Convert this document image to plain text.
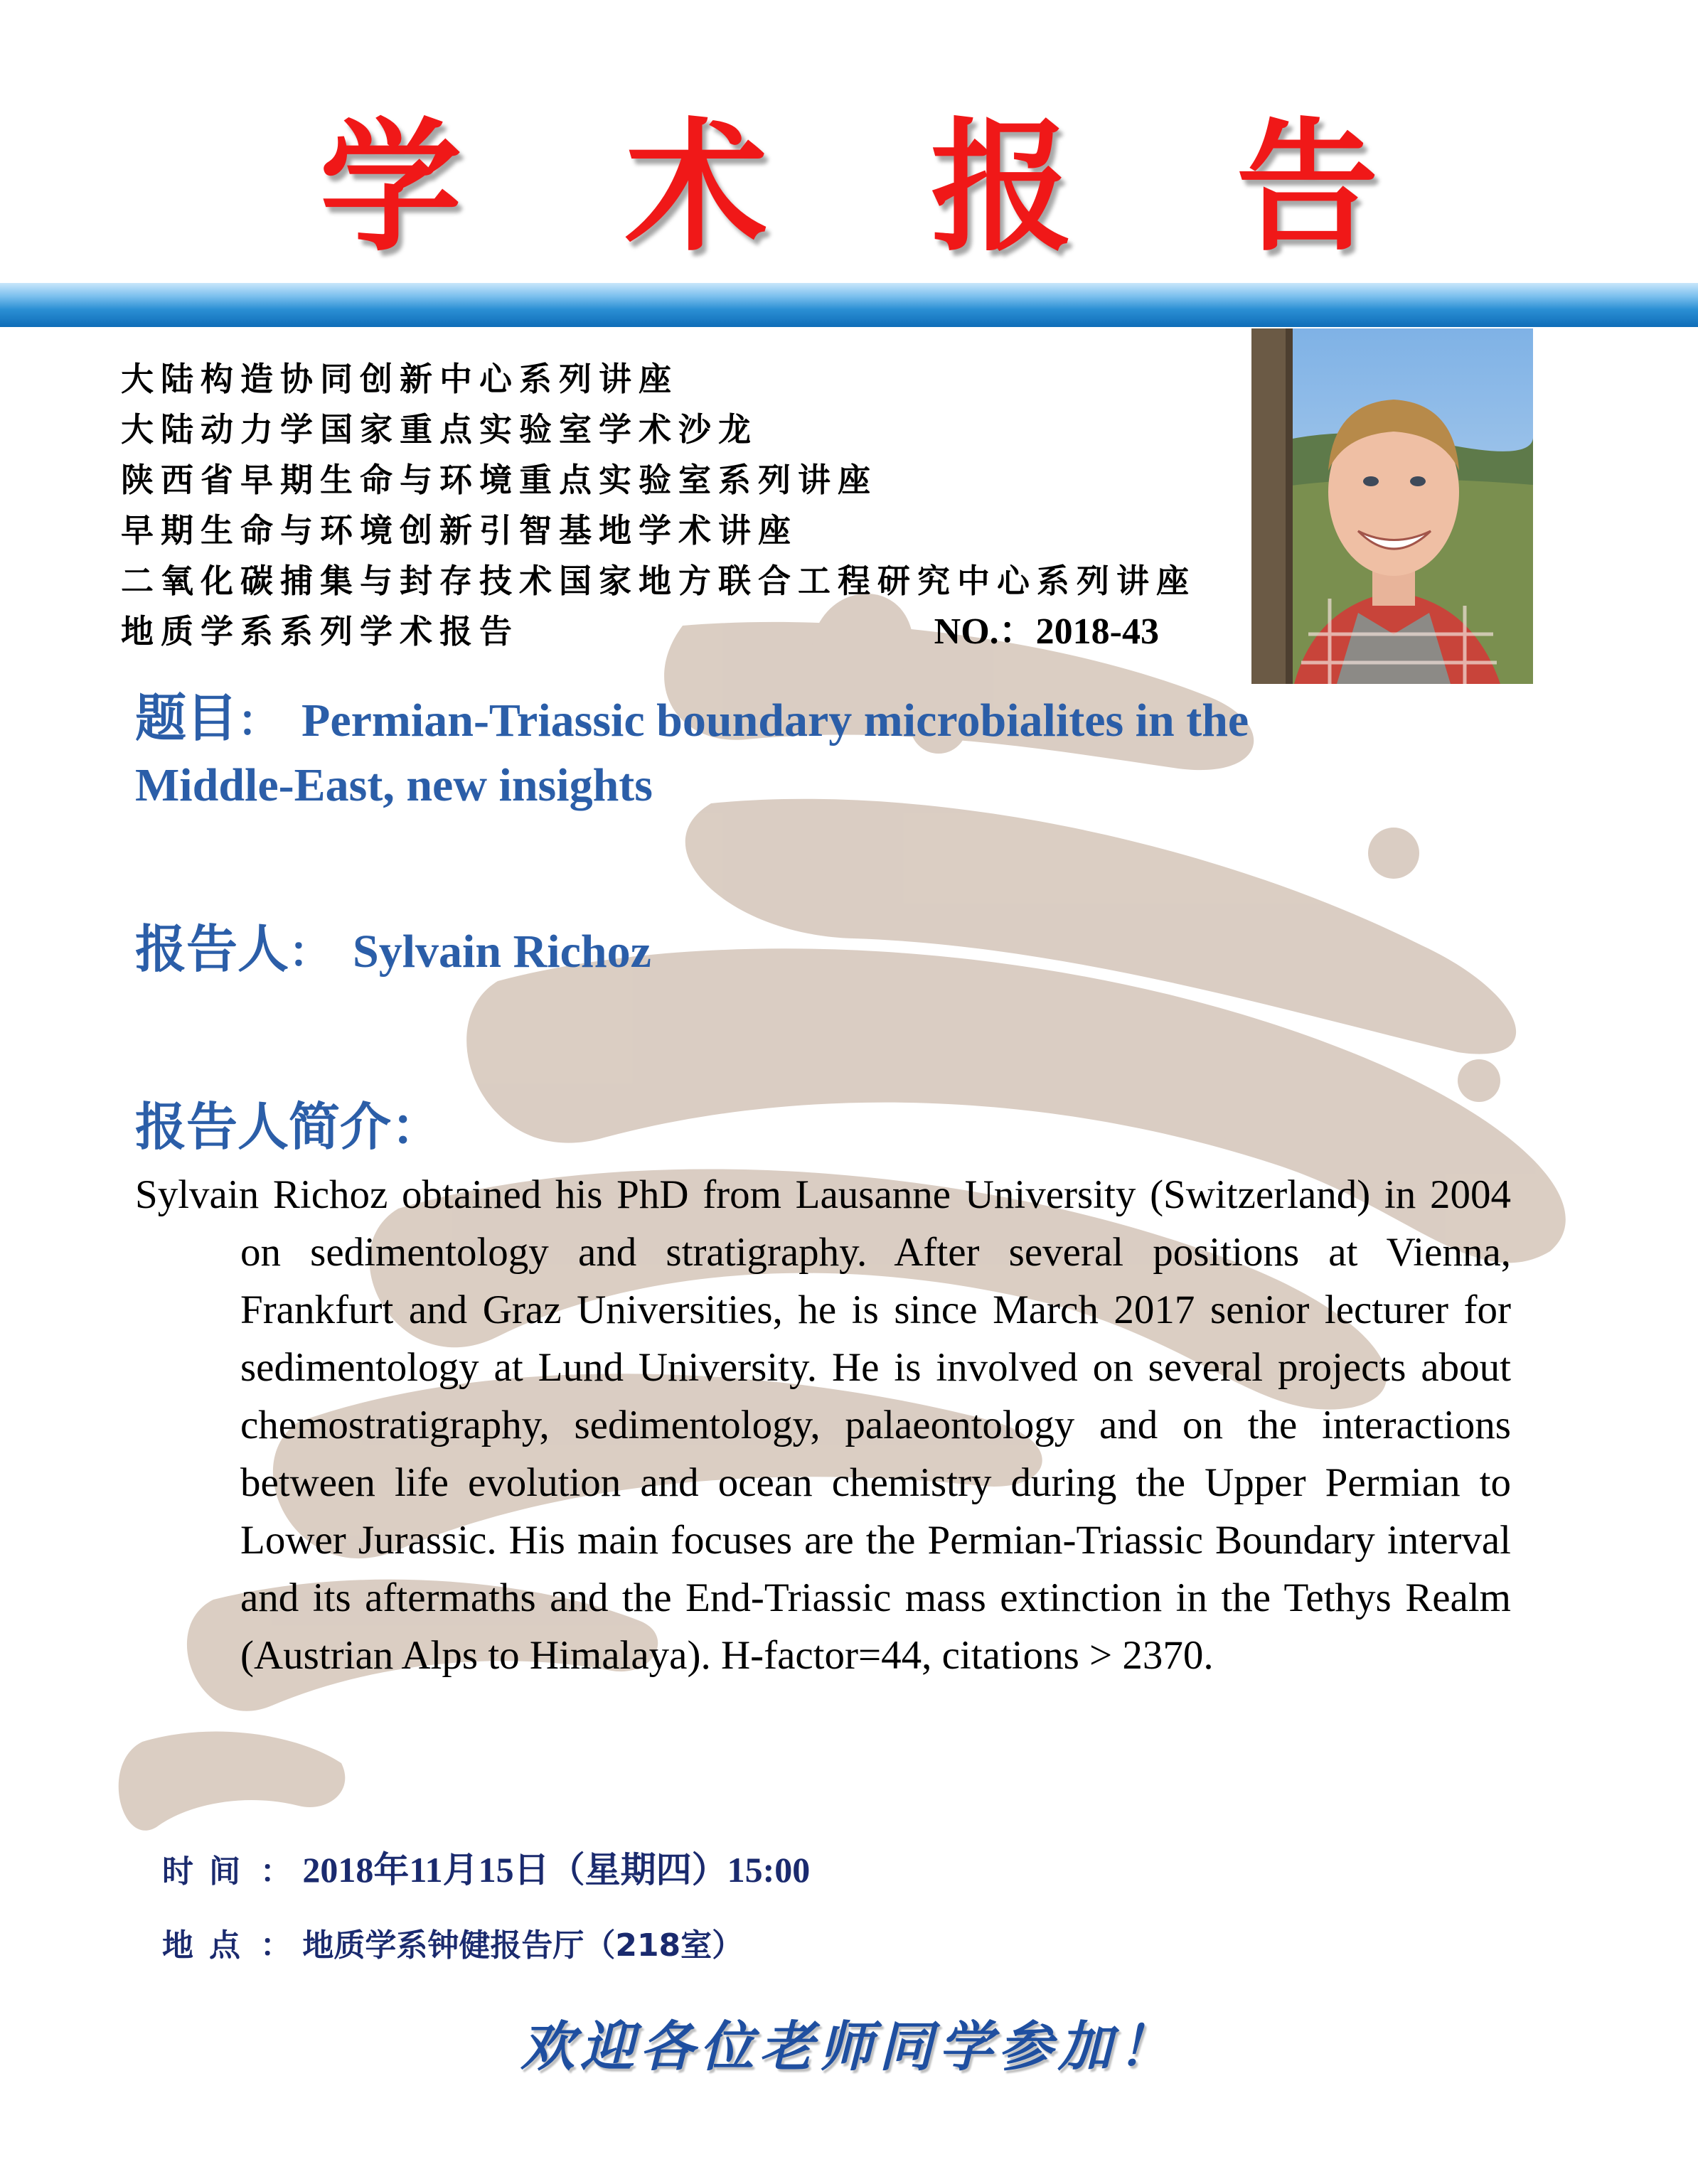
学 术 报 告
大陆构造协同创新中心系列讲座
大陆动力学国家重点实验室学术沙龙
陕西省早期生命与环境重点实验室系列讲座
早期生命与环境创新引智基地学术讲座
二氧化碳捕集与封存技术国家地方联合工程研究中心系列讲座
地质学系系列学术报告	NO.：2018-43
题目： Permian-Triassic boundary microbialites in the
Middle-East, new insights
报告人： Sylvain Richoz
报告人简介：
Sylvain Richoz obtained his PhD from Lausanne University (Switzerland) in 2004 on sedimentology and stratigraphy. After several positions at Vienna, Frankfurt and Graz Universities, he is since March 2017 senior lecturer for sedimentology at Lund University. He is involved on several projects about chemostratigraphy, sedimentology, palaeontology and on the interactions between life evolution and ocean chemistry during the Upper Permian to Lower Jurassic. His main focuses are the Permian-Triassic Boundary interval and its aftermaths and the End-Triassic mass extinction in the Tethys Realm (Austrian Alps to Himalaya). H-factor=44, citations > 2370.
时间 ： 2018年11月15日（星期四）15:00
地点 ： 地质学系钟健报告厅（218室）
欢迎各位老师同学参加！
